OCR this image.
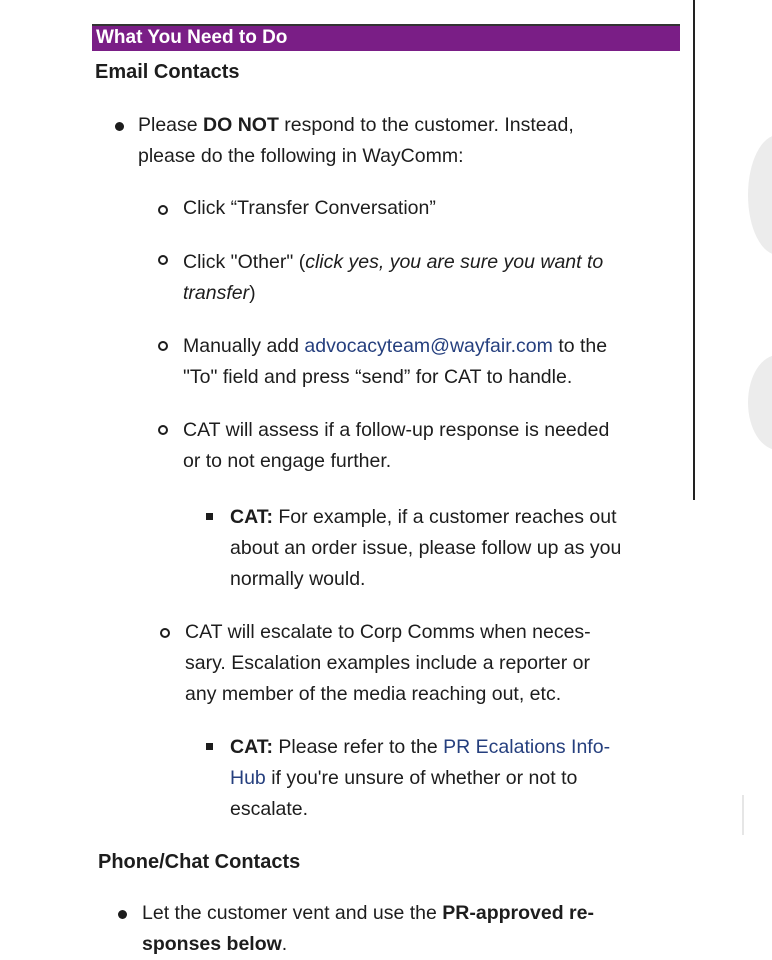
What You Need to Do
Email Contacts
Please DO NOT respond to the customer. Instead,
please do the following in WayComm:
Click “Transfer Conversation”
Click "Other" (click yes, you are sure you want to
transfer)
Manually add advocacyteam@wayfair.com to the
"To" field and press “send” for CAT to handle.
CAT will assess if a follow-up response is needed
or to not engage further.
CAT: For example, if a customer reaches out
about an order issue, please follow up as you
normally would.
CAT will escalate to Corp Comms when neces-
sary. Escalation examples include a reporter or
any member of the media reaching out, etc.
CAT: Please refer to the PR Ecalations Info-
Hub if you're unsure of whether or not to
escalate.
Phone/Chat Contacts
Let the customer vent and use the PR-approved re-
sponses below.
